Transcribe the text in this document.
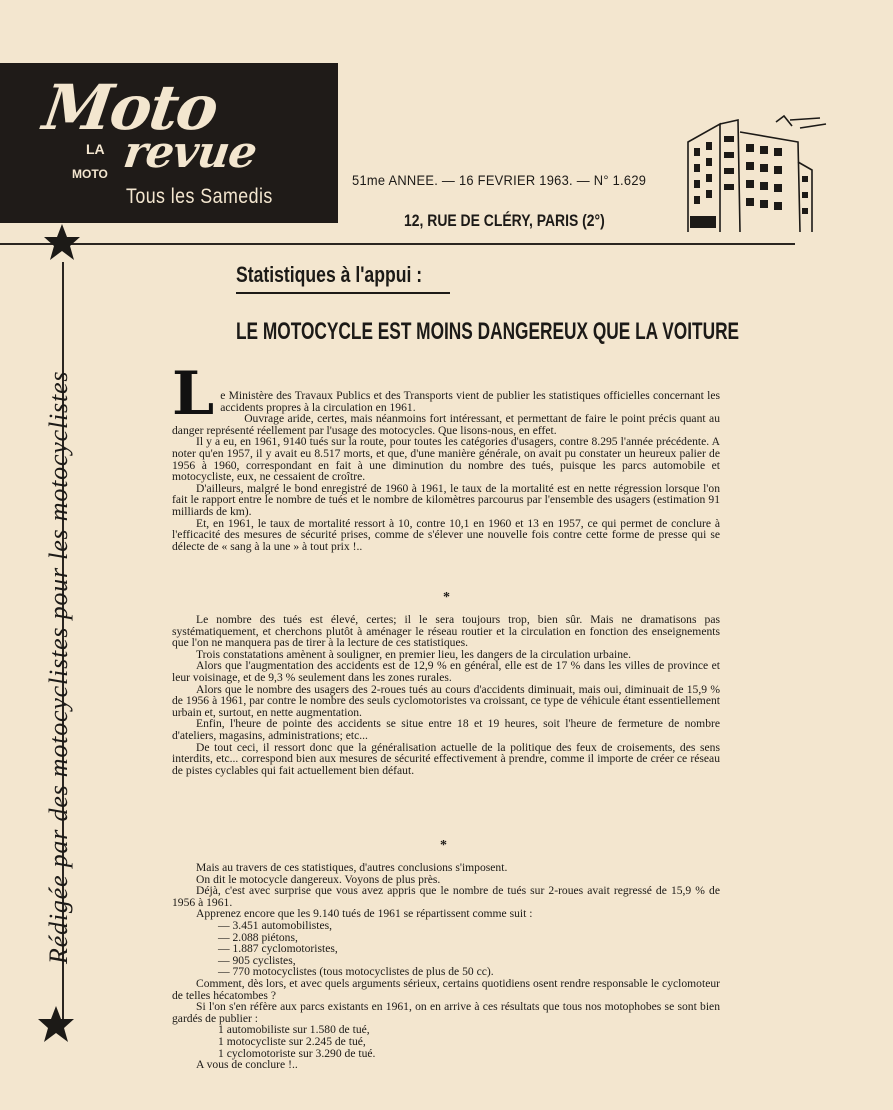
Moto
LA
MOTO revue
Tous les Samedis
51me ANNEE. — 16 FEVRIER 1963. — N° 1.629
12, RUE DE CLÉRY, PARIS (2°)
Rédigée par des motocyclistes pour les motocyclistes
Statistiques à l'appui :
LE MOTOCYCLE EST MOINS DANGEREUX QUE LA VOITURE
L e Ministère des Travaux Publics et des Transports vient de publier les statistiques officielles concernant les accidents propres à la circulation en 1961.

Ouvrage aride, certes, mais néanmoins fort intéressant, et permettant de faire le point précis quant au danger représenté réellement par l'usage des motocycles. Que lisons-nous, en effet.

Il y a eu, en 1961, 9140 tués sur la route, pour toutes les catégories d'usagers, contre 8.295 l'année précédente. A noter qu'en 1957, il y avait eu 8.517 morts, et que, d'une manière générale, on avait pu constater un heureux palier de 1956 à 1960, correspondant en fait à une diminution du nombre des tués, puisque les parcs automobile et motocycliste, eux, ne cessaient de croître.

D'ailleurs, malgré le bond enregistré de 1960 à 1961, le taux de la mortalité est en nette régression lorsque l'on fait le rapport entre le nombre de tués et le nombre de kilomètres parcourus par l'ensemble des usagers (estimation 91 milliards de km).

Et, en 1961, le taux de mortalité ressort à 10, contre 10,1 en 1960 et 13 en 1957, ce qui permet de conclure à l'efficacité des mesures de sécurité prises, comme de s'élever une nouvelle fois contre cette forme de presse qui se délecte de « sang à la une » à tout prix !..

*

Le nombre des tués est élevé, certes; il le sera toujours trop, bien sûr. Mais ne dramatisons pas systématiquement, et cherchons plutôt à aménager le réseau routier et la circulation en fonction des enseignements que l'on ne manquera pas de tirer à la lecture de ces statistiques.

Trois constatations amènent à souligner, en premier lieu, les dangers de la circulation urbaine.

Alors que l'augmentation des accidents est de 12,9 % en général, elle est de 17 % dans les villes de province et leur voisinage, et de 9,3 % seulement dans les zones rurales.

Alors que le nombre des usagers des 2-roues tués au cours d'accidents diminuait, mais oui, diminuait de 15,9 % de 1956 à 1961, par contre le nombre des seuls cyclomotoristes va croissant, ce type de véhicule étant essentiellement urbain et, surtout, en nette augmentation.

Enfin, l'heure de pointe des accidents se situe entre 18 et 19 heures, soit l'heure de fermeture de nombre d'ateliers, magasins, administrations; etc...

De tout ceci, il ressort donc que la généralisation actuelle de la politique des feux de croisements, des sens interdits, etc... correspond bien aux mesures de sécurité effectivement à prendre, comme il importe de créer ce réseau de pistes cyclables qui fait actuellement bien défaut.

*

Mais au travers de ces statistiques, d'autres conclusions s'imposent.

On dit le motocycle dangereux. Voyons de plus près.

Déjà, c'est avec surprise que vous avez appris que le nombre de tués sur 2-roues avait regressé de 15,9 % de 1956 à 1961.

Apprenez encore que les 9.140 tués de 1961 se répartissent comme suit :

— 3.451 automobilistes,
— 2.088 piétons,
— 1.887 cyclomotoristes,
— 905 cyclistes,
— 770 motocyclistes (tous motocyclistes de plus de 50 cc).

Comment, dès lors, et avec quels arguments sérieux, certains quotidiens osent rendre responsable le cyclomoteur de telles hécatombes ?

Si l'on s'en réfère aux parcs existants en 1961, on en arrive à ces résultats que tous nos motophobes se sont bien gardés de publier :

1 automobiliste sur 1.580 de tué,
1 motocycliste sur 2.245 de tué,
1 cyclomotoriste sur 3.290 de tué.

A vous de conclure !..
